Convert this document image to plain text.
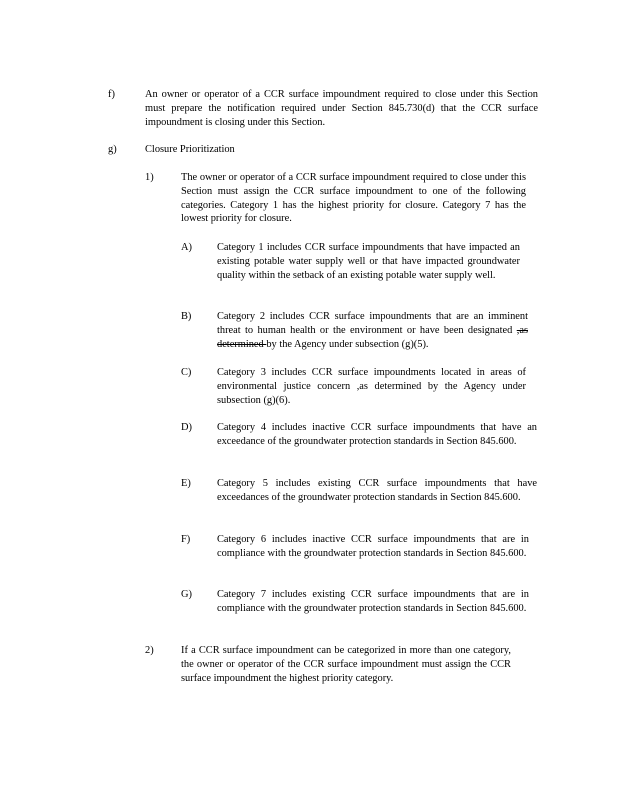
f)	An owner or operator of a CCR surface impoundment required to close under this Section must prepare the notification required under Section 845.730(d) that the CCR surface impoundment is closing under this Section.

g)	Closure Prioritization
1)	The owner or operator of a CCR surface impoundment required to close under this Section must assign the CCR surface impoundment to one of the following categories. Category 1 has the highest priority for closure. Category 7 has the lowest priority for closure.

A) Category 1 includes CCR surface impoundments that have impacted an existing potable water supply well or that have impacted groundwater quality within the setback of an existing potable water supply well.

B) Category 2 includes CCR surface impoundments that are an imminent threat to human health or the environment or have been designated ,as determined by the Agency under subsection (g)(5).

C) Category 3 includes CCR surface impoundments located in areas of environmental justice concern ,as determined by the Agency under subsection (g)(6).

D) Category 4 includes inactive CCR surface impoundments that have an exceedance of the groundwater protection standards in Section 845.600.

E)	Category 5 includes existing CCR surface impoundments that have exceedances of the groundwater protection standards in Section 845.600.

F)	Category 6 includes inactive CCR surface impoundments that are in compliance with the groundwater protection standards in Section 845.600.

G) Category 7 includes existing CCR surface impoundments that are in compliance with the groundwater protection standards in Section 845.600.

2)	If a CCR surface impoundment can be categorized in more than one category, the owner or operator of the CCR surface impoundment must assign the CCR surface impoundment the highest priority category.
